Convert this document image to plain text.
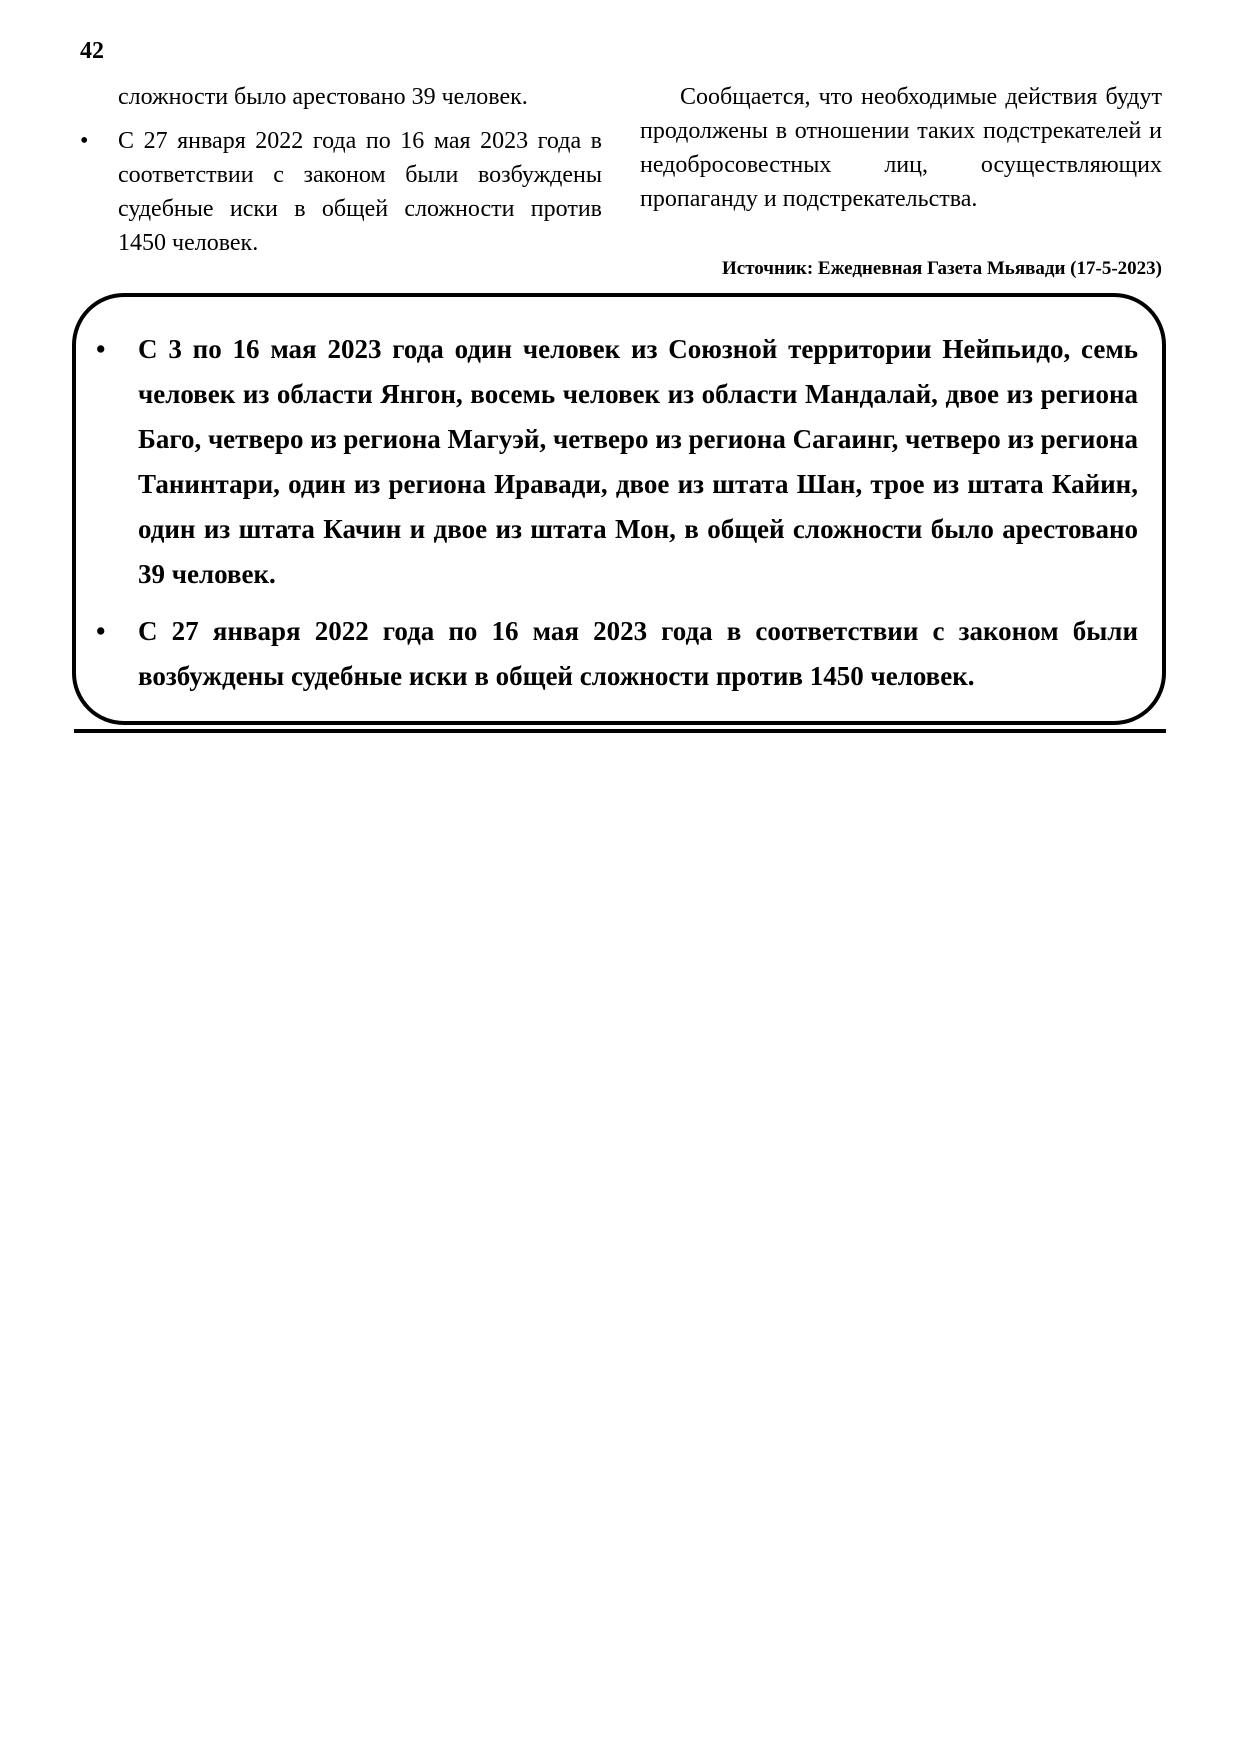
42

сложности было арестовано 39 человек.

• С 27 января 2022 года по 16 мая 2023 года в соответствии с законом были возбуждены судебные иски в общей сложности против 1450 человек.

Сообщается, что необходимые действия будут продолжены в отношении таких подстрекателей и недобросовестных лиц, осуществляющих пропаганду и подстрекательства.

Источник: Ежедневная Газета Мьявади (17-5-2023)
• С 3 по 16 мая 2023 года один человек из Союзной территории Нейпьидо, семь человек из области Янгон, восемь человек из области Мандалай, двое из региона Баго, четверо из региона Магуэй, четверо из региона Сагаинг, четверо из региона Танинтари, один из региона Иравади, двое из штата Шан, трое из штата Кайин, один из штата Качин и двое из штата Мон, в общей сложности было арестовано 39 человек.
• С 27 января 2022 года по 16 мая 2023 года в соответствии с законом были возбуждены судебные иски в общей сложности против 1450 человек.
